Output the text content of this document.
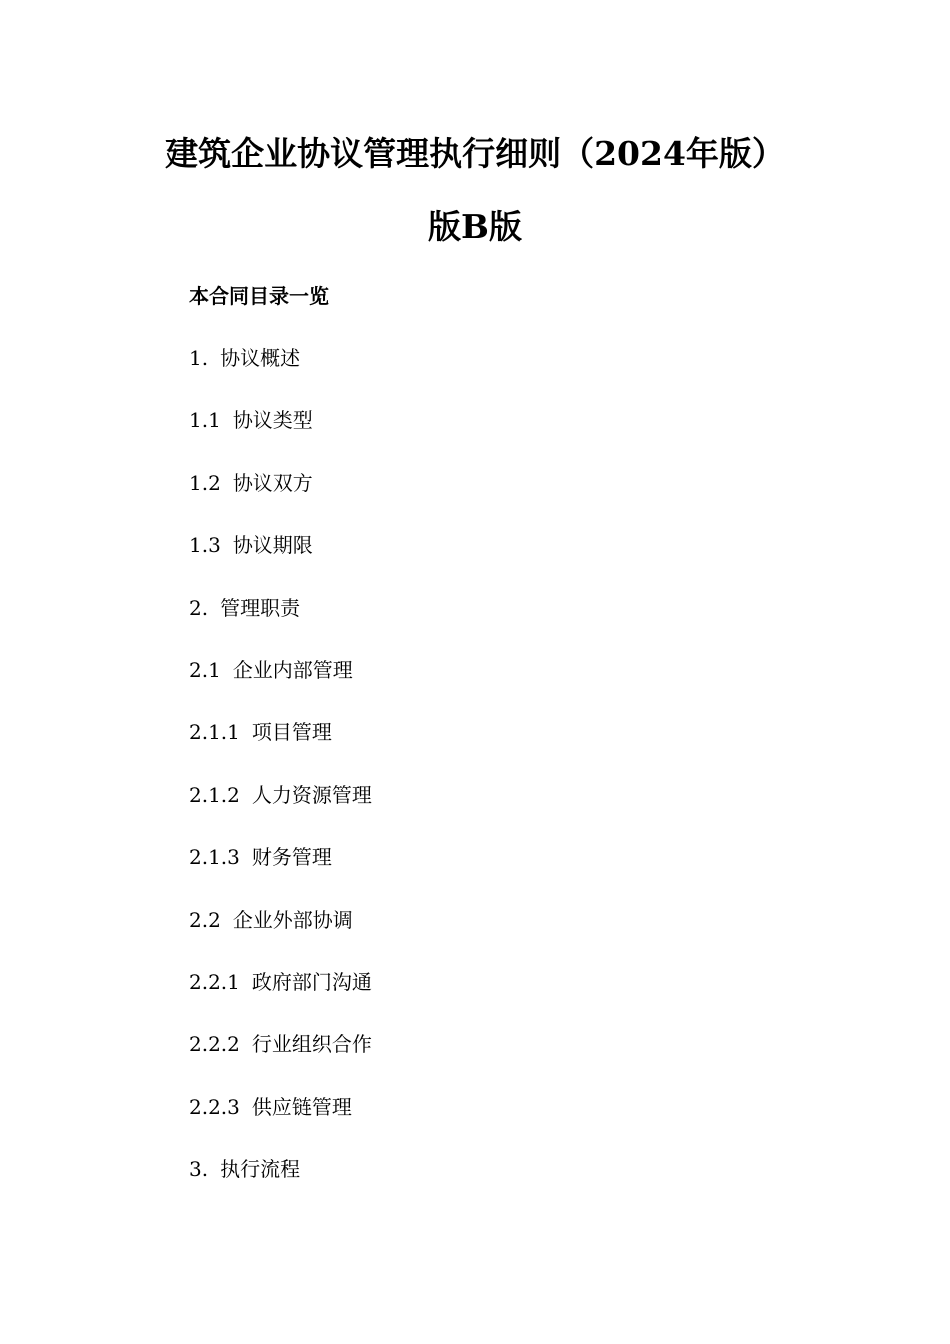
建筑企业协议管理执行细则（2024年版）
版B版
本合同目录一览
1. 协议概述
1.1 协议类型
1.2 协议双方
1.3 协议期限
2. 管理职责
2.1 企业内部管理
2.1.1 项目管理
2.1.2 人力资源管理
2.1.3 财务管理
2.2 企业外部协调
2.2.1 政府部门沟通
2.2.2 行业组织合作
2.2.3 供应链管理
3. 执行流程
